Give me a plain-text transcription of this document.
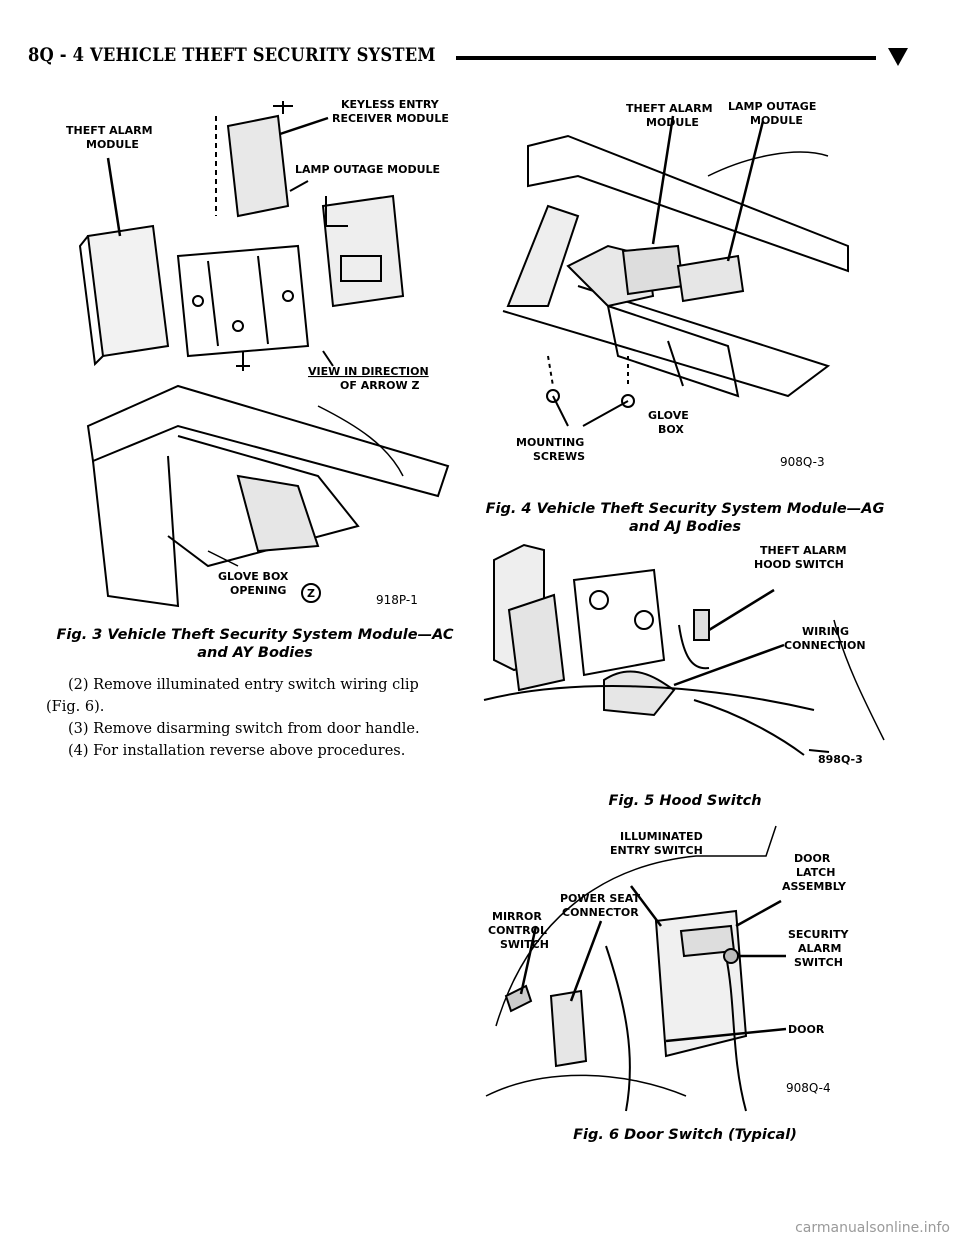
8Q - 4 VEHICLE THEFT SECURITY SYSTEM
THEFT ALARM
MODULE
KEYLESS ENTRY
RECEIVER MODULE
LAMP OUTAGE MODULE
VIEW IN DIRECTION
OF ARROW Z
GLOVE BOX
OPENING Z	918P-1
Fig. 3 Vehicle Theft Security System Module—AC
and AY Bodies

(2) Remove illuminated entry switch wiring clip

(Fig. 6).

(3) Remove disarming switch from door handle.

(4) For installation reverse above procedures.

THEFT ALARM
MODULE
LAMP OUTAGE
MODULE
MOUNTING
SCREWS
GLOVE
BOX
908Q-3
Fig. 4 Vehicle Theft Security System Module—AG
and AJ Bodies
THEFT ALARM
HOOD SWITCH
WIRING
CONNECTION
898Q-3
Fig. 5 Hood Switch
ILLUMINATED
ENTRY SWITCH
DOOR
LATCH
ASSEMBLY
POWER SEAT
CONNECTOR
MIRROR
CONTROL
SWITCH
SECURITY
ALARM
SWITCH
DOOR
908Q-4
Fig. 6 Door Switch (Typical)
carmanualsonline.info
